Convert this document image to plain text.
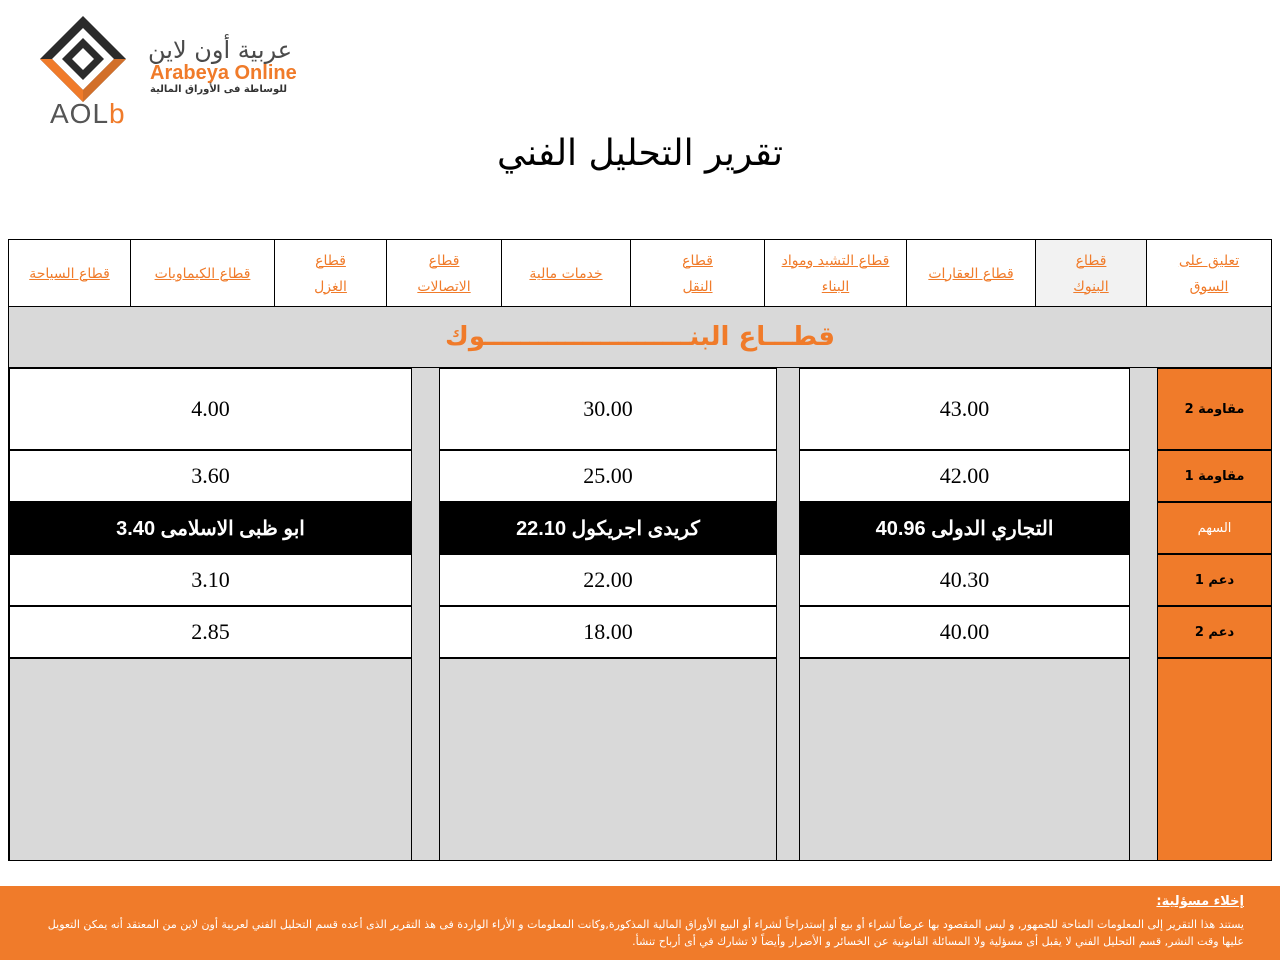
AOLb
عربية أون لاين
Arabeya Online
للوساطة فى الأوراق المالية
تقرير التحليل الفني
تعليق على
السوق
قطاع
البنوك
قطاع العقارات
قطاع التشيد ومواد
البناء
قطاع
النقل
خدمات مالية
قطاع
الاتصالات
قطاع
الغزل
قطاع الكيماويات
قطاع السياحة
قطـــاع البنـــــــــــــــــــــــوك
مقاومة 2
مقاومة 1
السهم
دعم 1
دعم 2
43.00
42.00
التجاري الدولى 40.96
40.30
40.00
30.00
25.00
كريدى اجريكول 22.10
22.00
18.00
4.00
3.60
ابو ظبى الاسلامى 3.40
3.10
2.85
إخلاء مسؤلية:
يستند هذا التقرير إلى المعلومات المتاحة للجمهور, و ليس المقصود بها عرضاً لشراء أو بيع أو إستدراجاً لشراء أو البيع الأوراق المالية المذكورة,وكانت المعلومات و الأراء الواردة فى هذ التقرير الذى أعده قسم التحليل الفني لعربية أون لاين من المعتقد أنه يمكن التعويل عليها وقت النشر, قسم التحليل الفني لا يقبل أى مسؤلية ولا المسائلة القانونية عن الخسائر و الأضرار وأيضاً لا تشارك في أى أرباح تنشأ.
